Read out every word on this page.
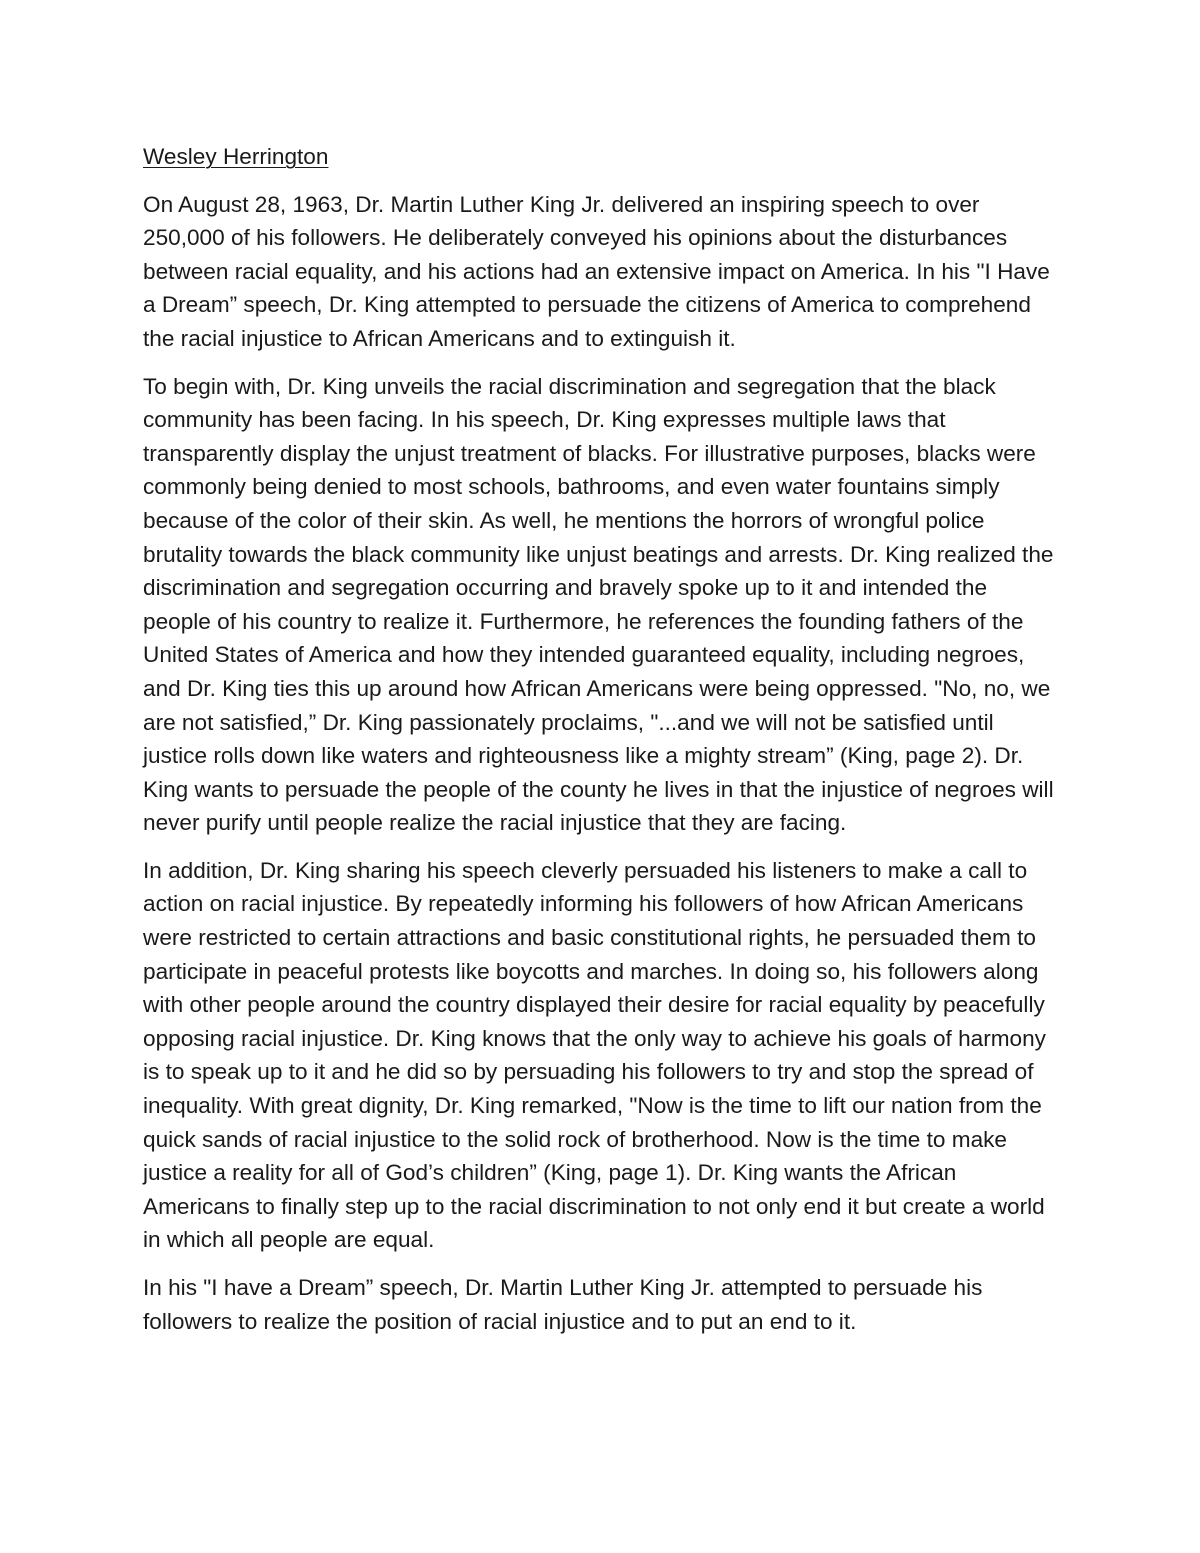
Wesley Herrington

On August 28, 1963, Dr. Martin Luther King Jr. delivered an inspiring speech to over 250,000 of his followers. He deliberately conveyed his opinions about the disturbances between racial equality, and his actions had an extensive impact on America. In his "I Have a Dream” speech, Dr. King attempted to persuade the citizens of America to comprehend the racial injustice to African Americans and to extinguish it.

To begin with, Dr. King unveils the racial discrimination and segregation that the black community has been facing. In his speech, Dr. King expresses multiple laws that transparently display the unjust treatment of blacks. For illustrative purposes, blacks were commonly being denied to most schools, bathrooms, and even water fountains simply because of the color of their skin. As well, he mentions the horrors of wrongful police brutality towards the black community like unjust beatings and arrests. Dr. King realized the discrimination and segregation occurring and bravely spoke up to it and intended the people of his country to realize it. Furthermore, he references the founding fathers of the United States of America and how they intended guaranteed equality, including negroes, and Dr. King ties this up around how African Americans were being oppressed. "No, no, we are not satisfied,” Dr. King passionately proclaims, "...and we will not be satisfied until justice rolls down like waters and righteousness like a mighty stream” (King, page 2). Dr. King wants to persuade the people of the county he lives in that the injustice of negroes will never purify until people realize the racial injustice that they are facing.

In addition, Dr. King sharing his speech cleverly persuaded his listeners to make a call to action on racial injustice. By repeatedly informing his followers of how African Americans were restricted to certain attractions and basic constitutional rights, he persuaded them to participate in peaceful protests like boycotts and marches. In doing so, his followers along with other people around the country displayed their desire for racial equality by peacefully opposing racial injustice. Dr. King knows that the only way to achieve his goals of harmony is to speak up to it and he did so by persuading his followers to try and stop the spread of inequality. With great dignity, Dr. King remarked, "Now is the time to lift our nation from the quick sands of racial injustice to the solid rock of brotherhood. Now is the time to make justice a reality for all of God’s children” (King, page 1). Dr. King wants the African Americans to finally step up to the racial discrimination to not only end it but create a world in which all people are equal.

In his "I have a Dream” speech, Dr. Martin Luther King Jr. attempted to persuade his followers to realize the position of racial injustice and to put an end to it.
